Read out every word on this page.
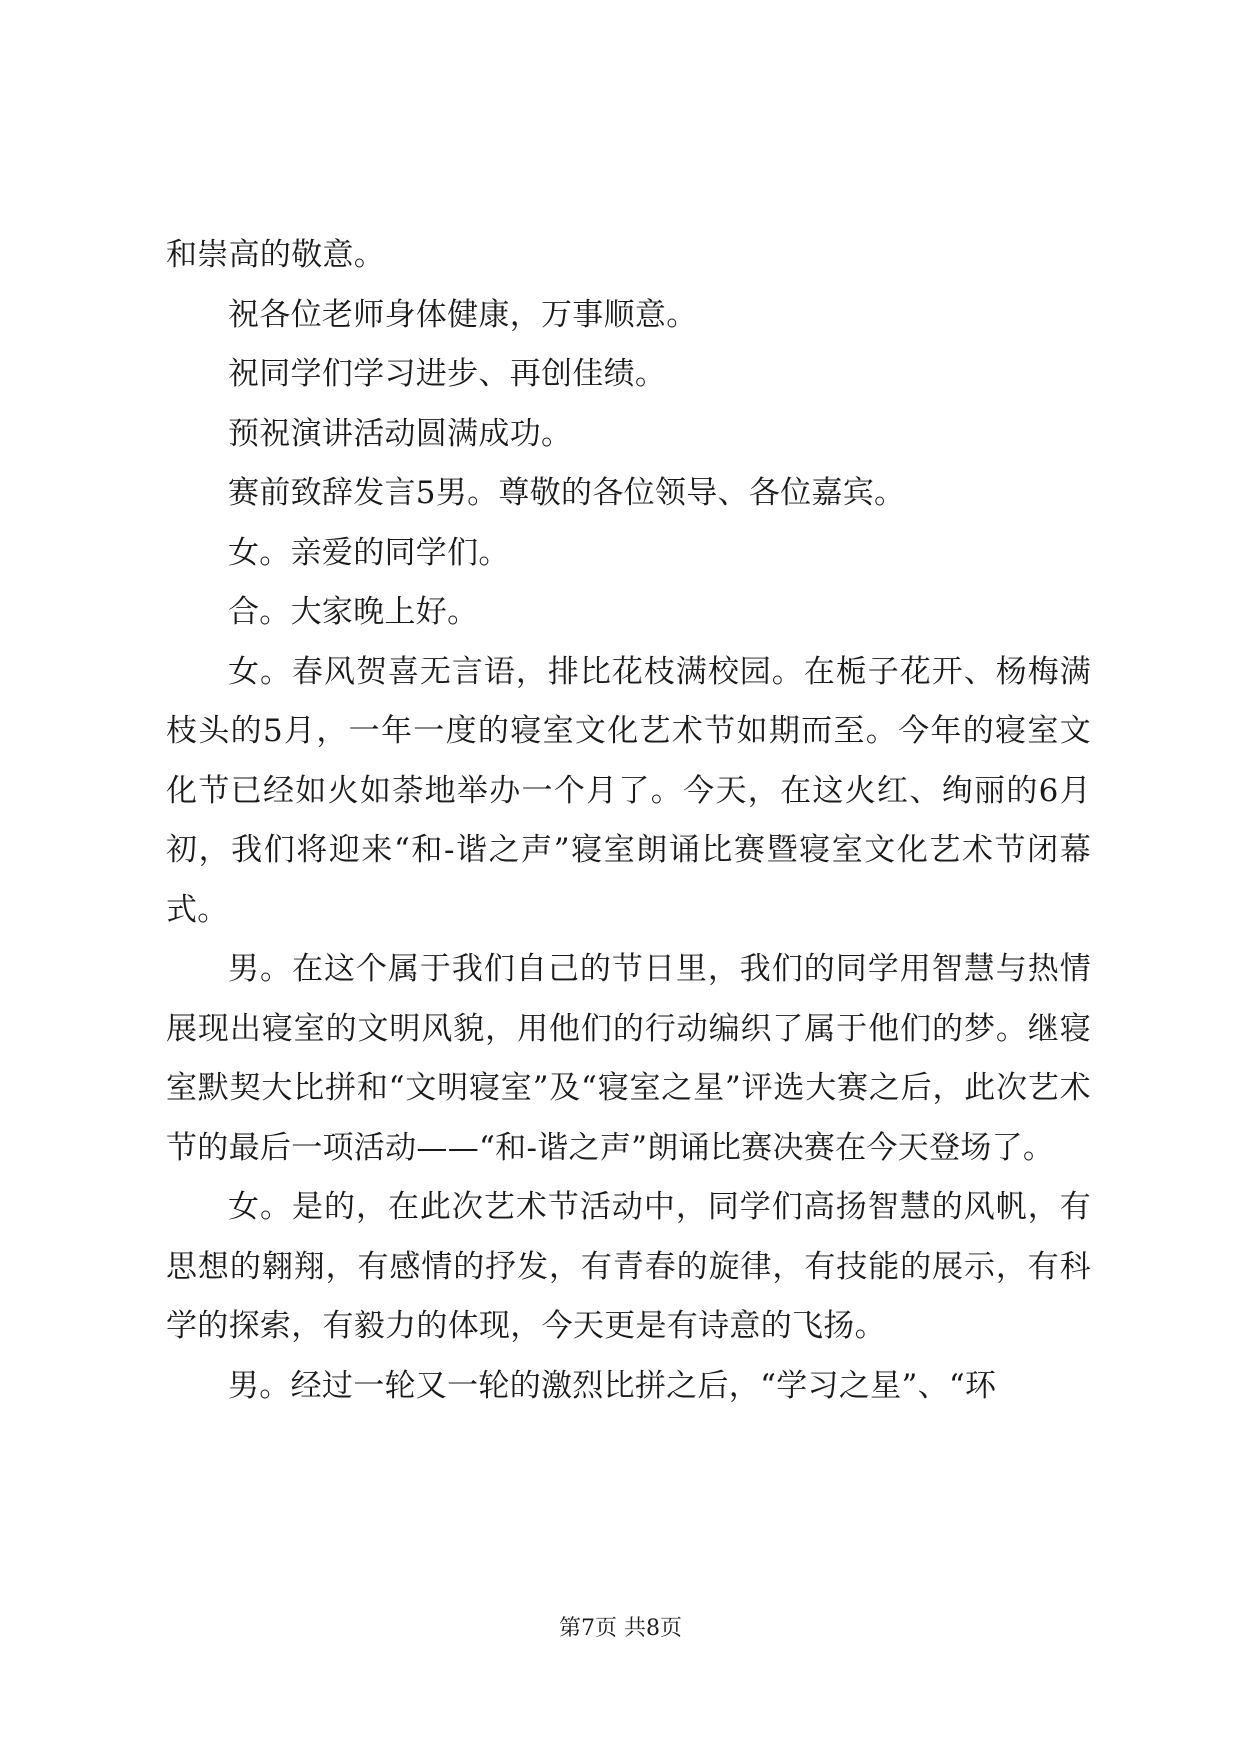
和崇高的敬意。

祝各位老师身体健康，万事顺意。

祝同学们学习进步、再创佳绩。

预祝演讲活动圆满成功。

赛前致辞发言5男。尊敬的各位领导、各位嘉宾。

女。亲爱的同学们。

合。大家晚上好。

女。春风贺喜无言语，排比花枝满校园。在栀子花开、杨梅满枝头的5月，一年一度的寝室文化艺术节如期而至。今年的寝室文化节已经如火如荼地举办一个月了。今天，在这火红、绚丽的6月初，我们将迎来“和-谐之声”寝室朗诵比赛暨寝室文化艺术节闭幕式。

男。在这个属于我们自己的节日里，我们的同学用智慧与热情展现出寝室的文明风貌，用他们的行动编织了属于他们的梦。继寝室默契大比拼和“文明寝室”及“寝室之星”评选大赛之后，此次艺术节的最后一项活动——“和-谐之声”朗诵比赛决赛在今天登场了。

女。是的，在此次艺术节活动中，同学们高扬智慧的风帆，有思想的翱翔，有感情的抒发，有青春的旋律，有技能的展示，有科学的探索，有毅力的体现，今天更是有诗意的飞扬。

男。经过一轮又一轮的激烈比拼之后，“学习之星”、“环

第7页 共8页
